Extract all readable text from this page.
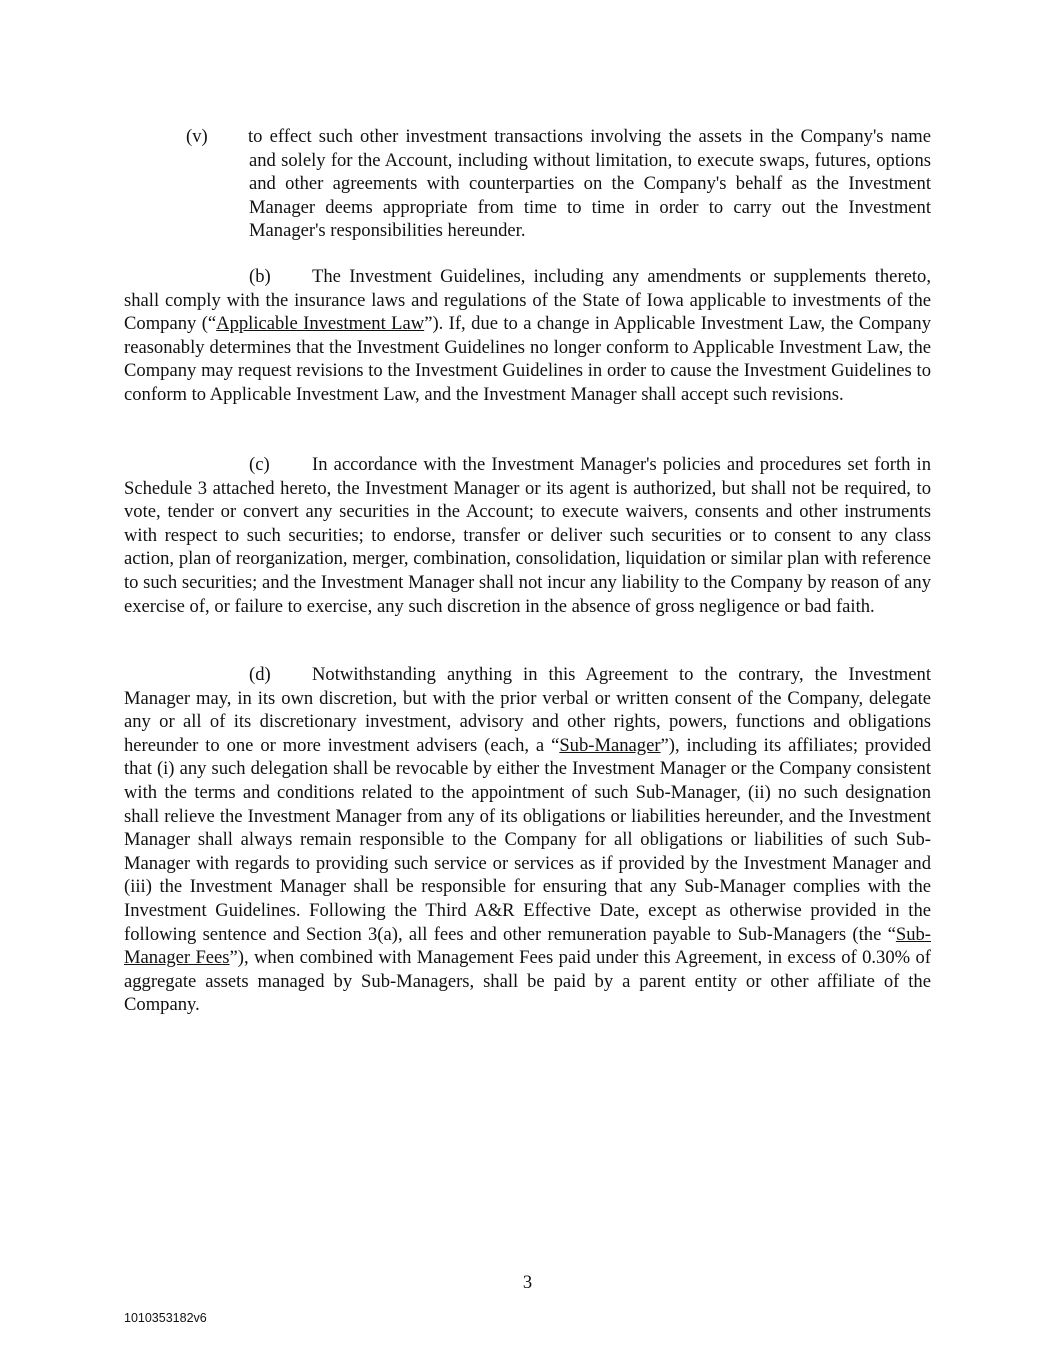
(v) to effect such other investment transactions involving the assets in the Company's name and solely for the Account, including without limitation, to execute swaps, futures, options and other agreements with counterparties on the Company's behalf as the Investment Manager deems appropriate from time to time in order to carry out the Investment Manager's responsibilities hereunder.

(b) The Investment Guidelines, including any amendments or supplements thereto, shall comply with the insurance laws and regulations of the State of Iowa applicable to investments of the Company (“Applicable Investment Law”). If, due to a change in Applicable Investment Law, the Company reasonably determines that the Investment Guidelines no longer conform to Applicable Investment Law, the Company may request revisions to the Investment Guidelines in order to cause the Investment Guidelines to conform to Applicable Investment Law, and the Investment Manager shall accept such revisions.

(c) In accordance with the Investment Manager's policies and procedures set forth in Schedule 3 attached hereto, the Investment Manager or its agent is authorized, but shall not be required, to vote, tender or convert any securities in the Account; to execute waivers, consents and other instruments with respect to such securities; to endorse, transfer or deliver such securities or to consent to any class action, plan of reorganization, merger, combination, consolidation, liquidation or similar plan with reference to such securities; and the Investment Manager shall not incur any liability to the Company by reason of any exercise of, or failure to exercise, any such discretion in the absence of gross negligence or bad faith.

(d) Notwithstanding anything in this Agreement to the contrary, the Investment Manager may, in its own discretion, but with the prior verbal or written consent of the Company, delegate any or all of its discretionary investment, advisory and other rights, powers, functions and obligations hereunder to one or more investment advisers (each, a “Sub-Manager”), including its affiliates; provided that (i) any such delegation shall be revocable by either the Investment Manager or the Company consistent with the terms and conditions related to the appointment of such Sub-Manager, (ii) no such designation shall relieve the Investment Manager from any of its obligations or liabilities hereunder, and the Investment Manager shall always remain responsible to the Company for all obligations or liabilities of such Sub-Manager with regards to providing such service or services as if provided by the Investment Manager and (iii) the Investment Manager shall be responsible for ensuring that any Sub-Manager complies with the Investment Guidelines. Following the Third A&R Effective Date, except as otherwise provided in the following sentence and Section 3(a), all fees and other remuneration payable to Sub-Managers (the “Sub-Manager Fees”), when combined with Management Fees paid under this Agreement, in excess of 0.30% of aggregate assets managed by Sub-Managers, shall be paid by a parent entity or other affiliate of the Company.

3
1010353182v6
